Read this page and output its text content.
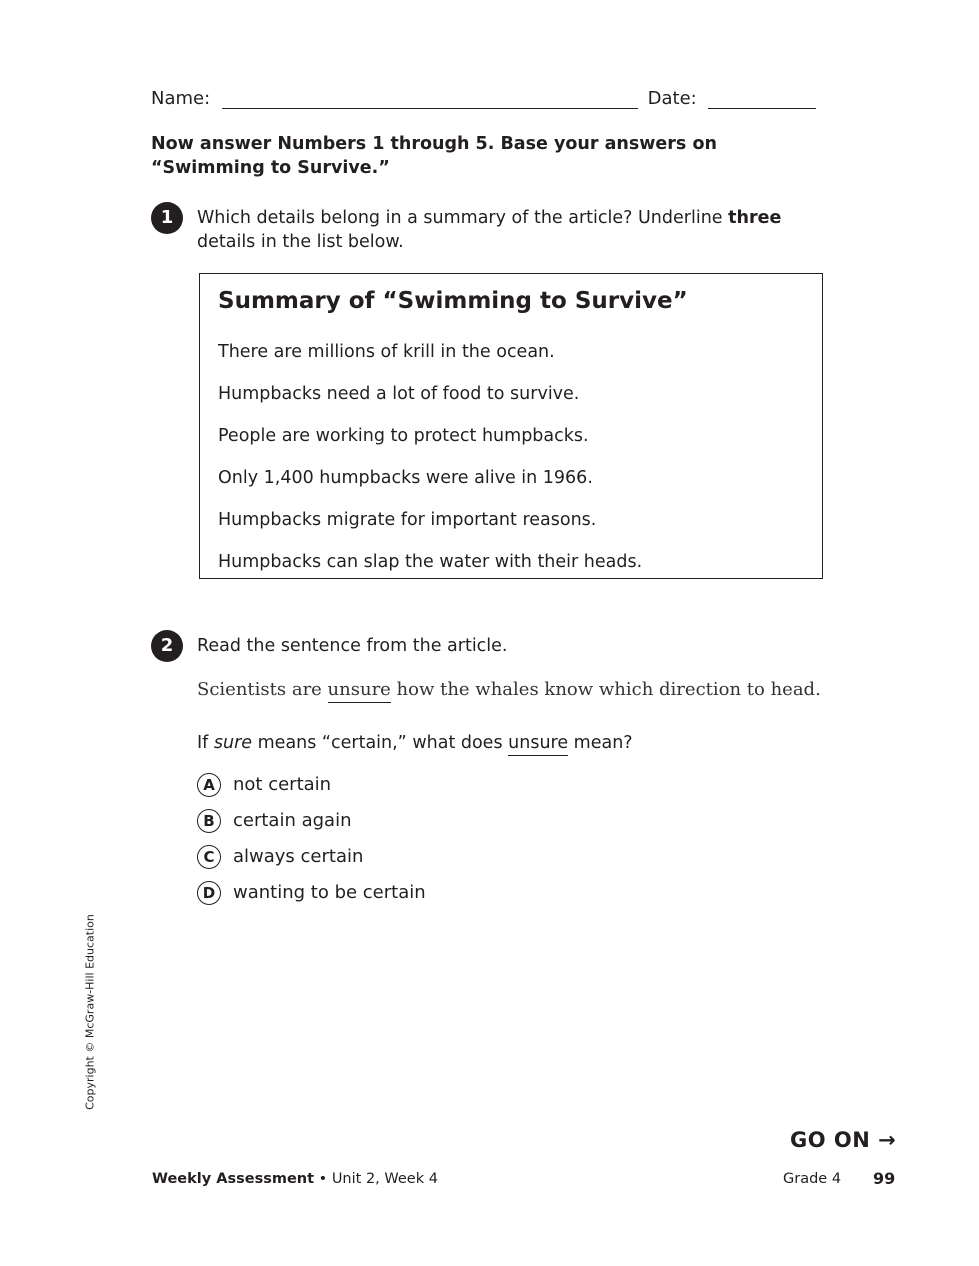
Name:	Date:
Now answer Numbers 1 through 5. Base your answers on “Swimming to Survive.”
1	Which details belong in a summary of the article? Underline three
details in the list below.
Summary of “Swimming to Survive”
There are millions of krill in the ocean.
Humpbacks need a lot of food to survive.
People are working to protect humpbacks.
Only 1,400 humpbacks were alive in 1966.
Humpbacks migrate for important reasons.
Humpbacks can slap the water with their heads.
2	Read the sentence from the article.
Scientists are unsure how the whales know which direction to head.
If sure means “certain,” what does unsure mean?
A not certain
B certain again
C always certain
D wanting to be certain
Copyright © McGraw-Hill Education
GO ON →
Weekly Assessment • Unit 2, Week 4	Grade 4 99
